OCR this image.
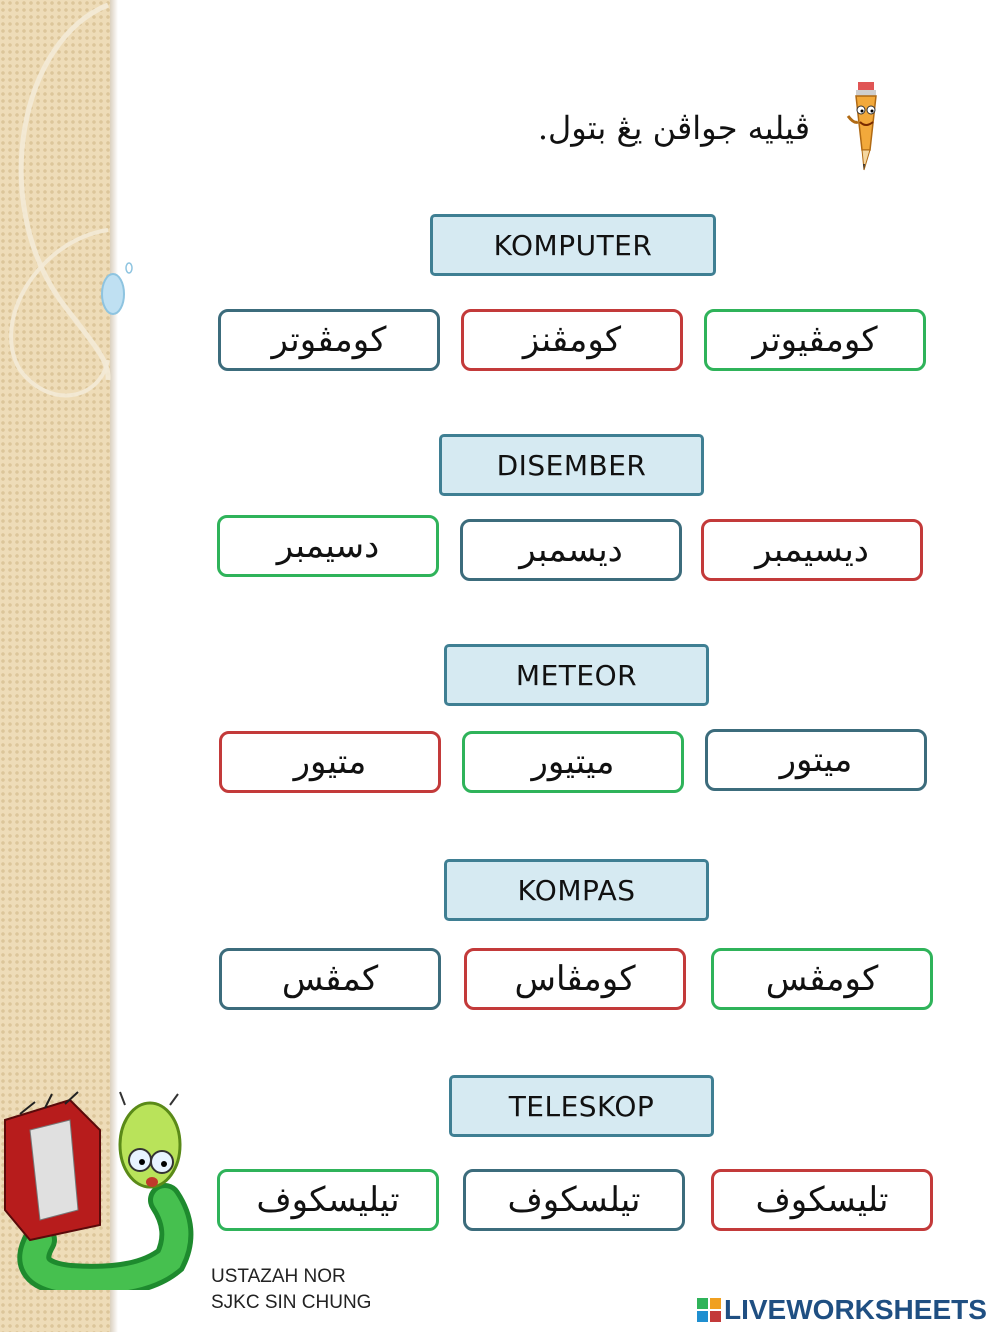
ڤيليه جواڤن يڠ بتول.
KOMPUTER
كومڤوتر	كومڤنز	كومڤيوتر
DISEMBER
دسيمبر	ديسمبر	ديسيمبر
METEOR
متيور	ميتيور	ميتور
KOMPAS
كمڤس	كومڤاس	كومڤس
TELESKOP
تيليسكوف	تيلسكوف	تليسكوف
USTAZAH NOR
SJKC SIN CHUNG	LIVEWORKSHEETS
